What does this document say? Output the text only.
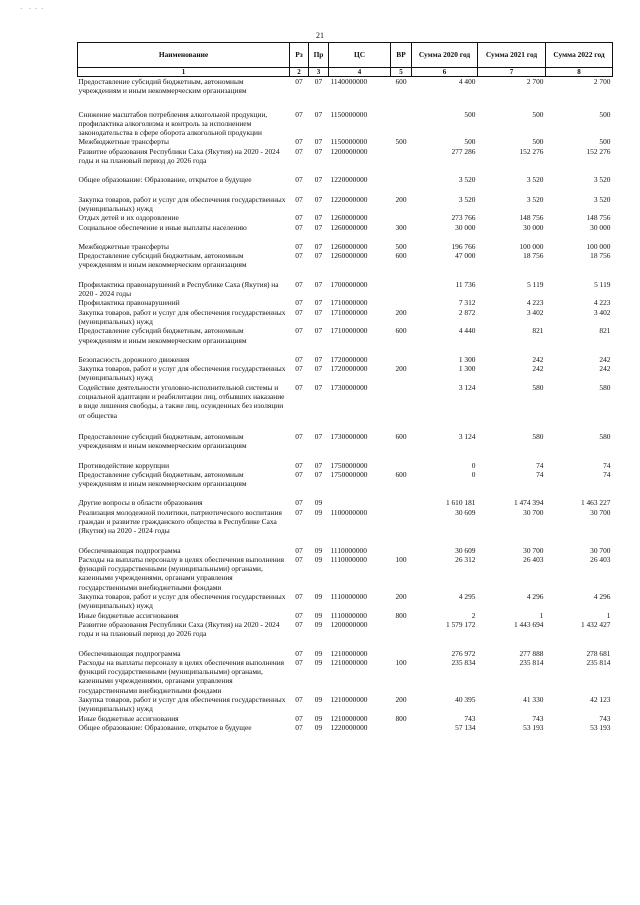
·  · · ·
21
Наименование	Рз	Пр	ЦС	ВР	Сумма 2020 год	Сумма 2021 год	Сумма 2022 год
1	2	3	4	5	6	7	8
Предоставление субсидий бюджетным, автономным учреждениям и иным некоммерческим организациям	07	07	1140000000	600	4 400	2 700	2 700

Снижение масштабов потребления алкогольной продукции, профилактика алкоголизма и контроль за исполнением законодательства в сфере оборота алкогольной продукции	07	07	1150000000		500	500	500
Межбюджетные трансферты	07	07	1150000000	500	500	500	500
Развитие образования Республики Саха (Якутия) на 2020 - 2024 годы и на плановый период до 2026 года	07	07	1200000000		277 286	152 276	152 276

Общее образование: Образование, открытое в будущее	07	07	1220000000		3 520	3 520	3 520

Закупка товаров, работ и услуг для обеспечения государственных (муниципальных) нужд	07	07	1220000000	200	3 520	3 520	3 520
Отдых детей и их оздоровление	07	07	1260000000		273 766	148 756	148 756
Социальное обеспечение и иные выплаты населению	07	07	1260000000	300	30 000	30 000	30 000

Межбюджетные трансферты	07	07	1260000000	500	196 766	100 000	100 000
Предоставление субсидий бюджетным, автономным учреждениям и иным некоммерческим организациям	07	07	1260000000	600	47 000	18 756	18 756

Профилактика правонарушений в Республике Саха (Якутия) на 2020 - 2024 годы	07	07	1700000000		11 736	5 119	5 119
Профилактика правонарушений	07	07	1710000000		7 312	4 223	4 223
Закупка товаров, работ и услуг для обеспечения государственных (муниципальных) нужд	07	07	1710000000	200	2 872	3 402	3 402
Предоставление субсидий бюджетным, автономным учреждениям и иным некоммерческим организациям	07	07	1710000000	600	4 440	821	821

Безопасность дорожного движения	07	07	1720000000		1 300	242	242
Закупка товаров, работ и услуг для обеспечения государственных (муниципальных) нужд	07	07	1720000000	200	1 300	242	242
Содействие деятельности уголовно-исполнительной системы и социальной адаптации и реабилитации лиц, отбывших наказание в виде лишения свободы, а также лиц, осужденных без изоляции от общества	07	07	1730000000		3 124	580	580

Предоставление субсидий бюджетным, автономным учреждениям и иным некоммерческим организациям	07	07	1730000000	600	3 124	580	580

Противодействие коррупции	07	07	1750000000		0	74	74
Предоставление субсидий бюджетным, автономным учреждениям и иным некоммерческим организациям	07	07	1750000000	600	0	74	74

Другие вопросы в области образования	07	09			1 610 181	1 474 394	1 463 227
Реализация молодежной политики, патриотического воспитания граждан и развитие гражданского общества в Республике Саха (Якутия) на 2020 - 2024 годы	07	09	1100000000		30 609	30 700	30 700

Обеспечивающая подпрограмма	07	09	1110000000		30 609	30 700	30 700
Расходы на выплаты персоналу в целях обеспечения выполнения функций государственными (муниципальными) органами, казенными учреждениями, органами управления государственными внебюджетными фондами	07	09	1110000000	100	26 312	26 403	26 403
Закупка товаров, работ и услуг для обеспечения государственных (муниципальных) нужд	07	09	1110000000	200	4 295	4 296	4 296
Иные бюджетные ассигнования	07	09	1110000000	800	2	1	1
Развитие образования Республики Саха (Якутия) на 2020 - 2024 годы и на плановый период до 2026 года	07	09	1200000000		1 579 172	1 443 694	1 432 427

Обеспечивающая подпрограмма	07	09	1210000000		276 972	277 888	278 681
Расходы на выплаты персоналу в целях обеспечения выполнения функций государственными (муниципальными) органами, казенными учреждениями, органами управления государственными внебюджетными фондами	07	09	1210000000	100	235 834	235 814	235 814
Закупка товаров, работ и услуг для обеспечения государственных (муниципальных) нужд	07	09	1210000000	200	40 395	41 330	42 123
Иные бюджетные ассигнования	07	09	1210000000	800	743	743	743
Общее образование: Образование, открытое в будущее	07	09	1220000000		57 134	53 193	53 193
